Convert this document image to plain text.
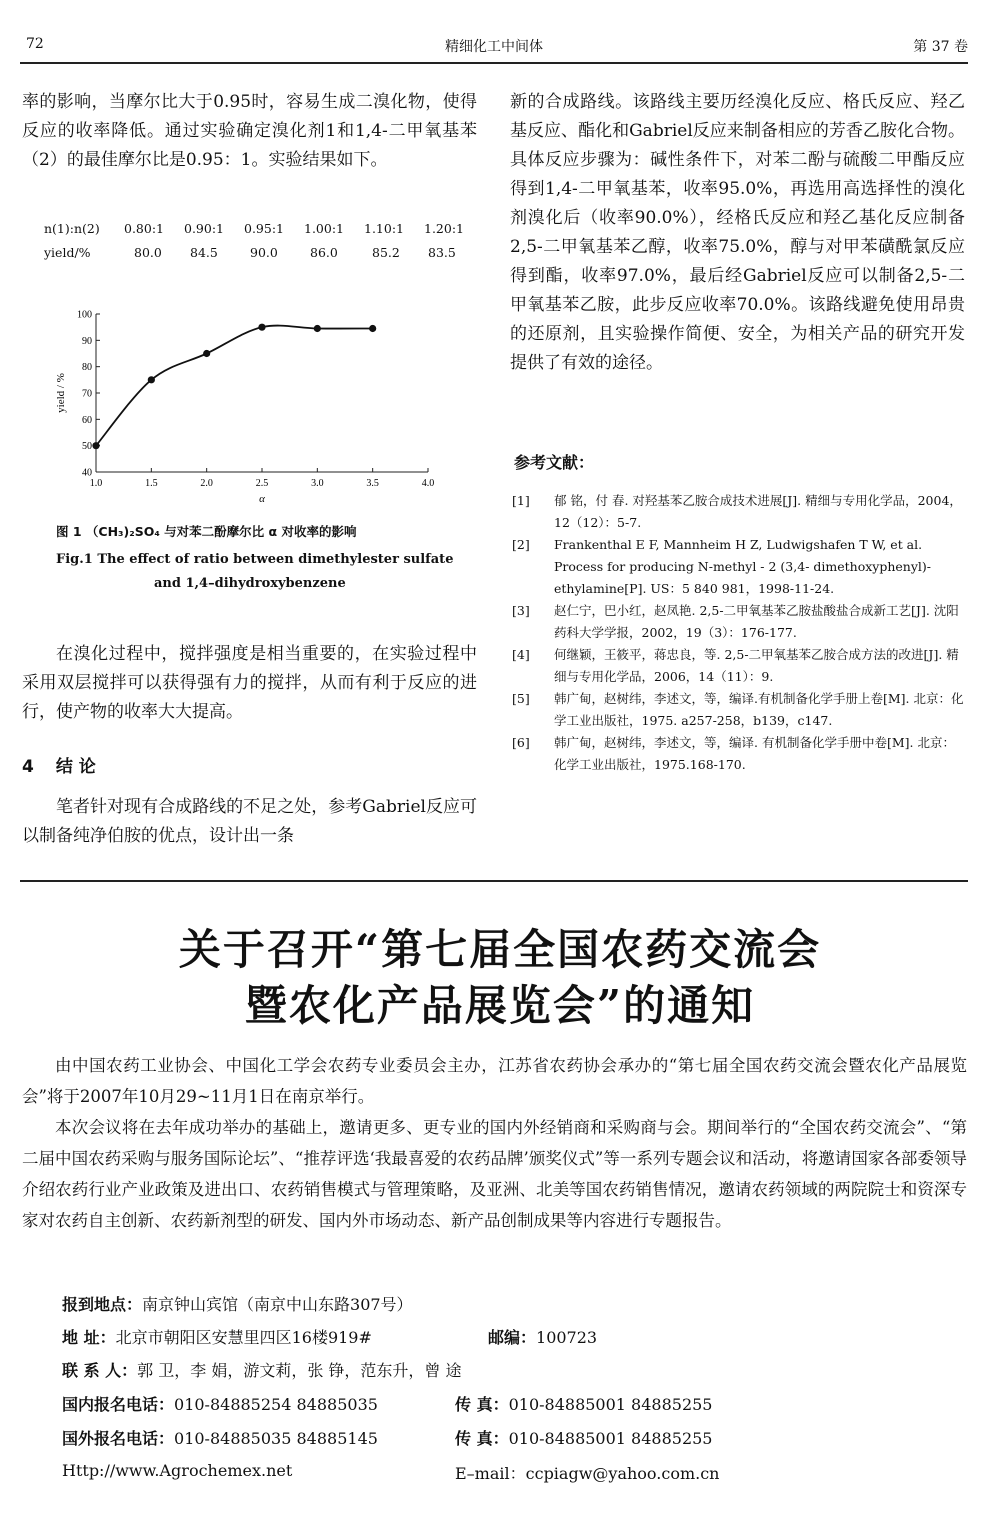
72	精细化工中间体	第 37 卷

率的影响，当摩尔比大于0.95时，容易生成二溴化物，使得反应的收率降低。通过实验确定溴化剂1和1,4-二甲氧基苯（2）的最佳摩尔比是0.95：1。实验结果如下。

n(1):n(2) 0.80:1 0.90:1 0.95:1 1.00:1 1.10:1 1.20:1
yield/%	80.0 84.5	90.0	86.0	85.2 83.5
1.0	1.5	2.0	2.5	3.0	3.5	4.0
40
50
60
70
80
90
100
α
yield / %
图 1 （CH₃)₂SO₄ 与对苯二酚摩尔比 α 对收率的影响
Fig.1 The effect of ratio between dimethylester sulfate
and 1,4–dihydroxybenzene

在溴化过程中，搅拌强度是相当重要的，在实验过程中采用双层搅拌可以获得强有力的搅拌，从而有利于反应的进行，使产物的收率大大提高。

4 结 论

笔者针对现有合成路线的不足之处，参考Gabriel反应可以制备纯净伯胺的优点，设计出一条

新的合成路线。该路线主要历经溴化反应、格氏反应、羟乙基反应、酯化和Gabriel反应来制备相应的芳香乙胺化合物。具体反应步骤为：碱性条件下，对苯二酚与硫酸二甲酯反应得到1,4-二甲氧基苯，收率95.0%，再选用高选择性的溴化剂溴化后（收率90.0%），经格氏反应和羟乙基化反应制备2,5-二甲氧基苯乙醇，收率75.0%，醇与对甲苯磺酰氯反应得到酯，收率97.0%，最后经Gabriel反应可以制备2,5-二甲氧基苯乙胺，此步反应收率70.0%。该路线避免使用昂贵的还原剂，且实验操作简便、安全，为相关产品的研究开发提供了有效的途径。

参考文献：
[1] 郁 铭，付 春. 对羟基苯乙胺合成技术进展[J]. 精细与专用化学品，2004，12（12）：5-7.
[2] Frankenthal E F, Mannheim H Z, Ludwigshafen T W, et al. Process for producing N-methyl - 2 (3,4- dimethoxyphenyl)-ethylamine[P]. US：5 840 981，1998-11-24.
[3] 赵仁宁，巴小红，赵凤艳. 2,5-二甲氧基苯乙胺盐酸盐合成新工艺[J]. 沈阳药科大学学报，2002，19（3）：176-177.
[4] 何继颖，王筱平，蒋忠良，等. 2,5-二甲氧基苯乙胺合成方法的改进[J]. 精细与专用化学品，2006，14（11）：9.
[5] 韩广甸，赵树纬，李述文，等，编译.有机制备化学手册上卷[M]. 北京：化学工业出版社，1975. a257-258，b139，c147.
[6] 韩广甸，赵树纬，李述文，等，编译. 有机制备化学手册中卷[M]. 北京：化学工业出版社，1975.168-170.
关于召开“第七届全国农药交流会
暨农化产品展览会”的通知

由中国农药工业协会、中国化工学会农药专业委员会主办，江苏省农药协会承办的“第七届全国农药交流会暨农化产品展览会”将于2007年10月29~11月1日在南京举行。

本次会议将在去年成功举办的基础上，邀请更多、更专业的国内外经销商和采购商与会。期间举行的“全国农药交流会”、“第二届中国农药采购与服务国际论坛”、“推荐评选‘我最喜爱的农药品牌’颁奖仪式”等一系列专题会议和活动，将邀请国家各部委领导介绍农药行业产业政策及进出口、农药销售模式与管理策略，及亚洲、北美等国农药销售情况，邀请农药领域的两院院士和资深专家对农药自主创新、农药新剂型的研发、国内外市场动态、新产品创制成果等内容进行专题报告。

报到地点：南京钟山宾馆（南京中山东路307号）
地 址：北京市朝阳区安慧里四区16楼919#	邮编：100723
联 系 人：郭 卫，李 娟，游文莉，张 铮，范东升，曾 途
国内报名电话：010-84885254 84885035	传 真：010-84885001 84885255
国外报名电话：010-84885035 84885145	传 真：010-84885001 84885255
Http://www.Agrochemex.net	E–mail：ccpiagw@yahoo.com.cn
